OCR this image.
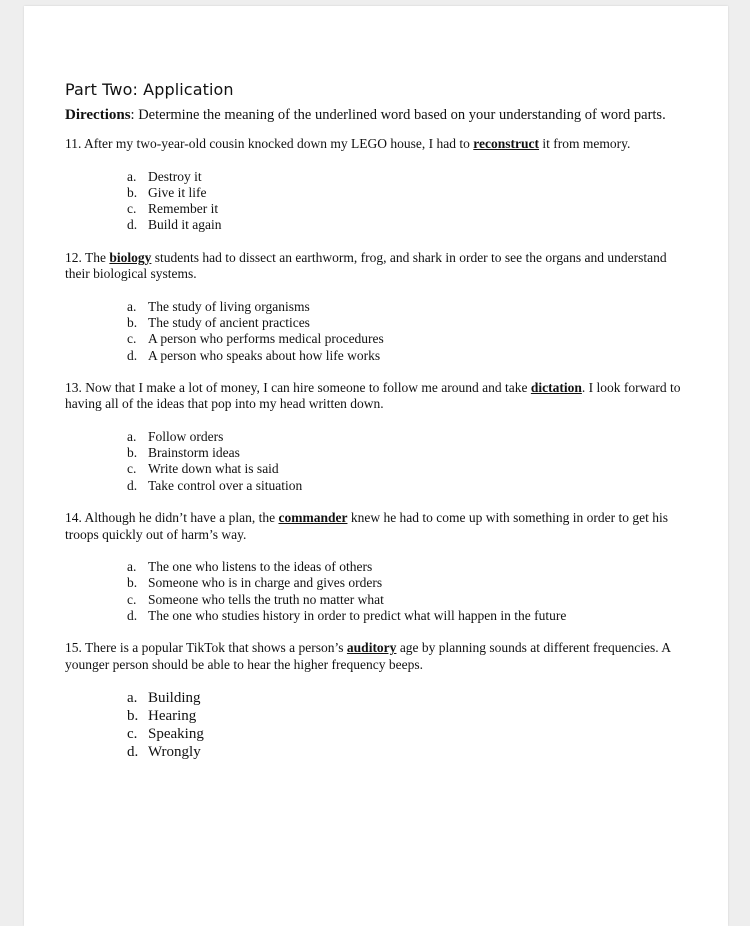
Part Two: Application

Directions: Determine the meaning of the underlined word based on your understanding of word parts.

11. After my two-year-old cousin knocked down my LEGO house, I had to reconstruct it from memory.

a. Destroy it
b. Give it life
c. Remember it
d. Build it again

12. The biology students had to dissect an earthworm, frog, and shark in order to see the organs and understand their biological systems.

a. The study of living organisms
b. The study of ancient practices
c. A person who performs medical procedures
d. A person who speaks about how life works

13. Now that I make a lot of money, I can hire someone to follow me around and take dictation. I look forward to having all of the ideas that pop into my head written down.

a. Follow orders
b. Brainstorm ideas
c. Write down what is said
d. Take control over a situation

14. Although he didn’t have a plan, the commander knew he had to come up with something in order to get his troops quickly out of harm’s way.

a. The one who listens to the ideas of others
b. Someone who is in charge and gives orders
c. Someone who tells the truth no matter what
d. The one who studies history in order to predict what will happen in the future

15. There is a popular TikTok that shows a person’s auditory age by planning sounds at different frequencies. A younger person should be able to hear the higher frequency beeps.

a. Building
b. Hearing
c. Speaking
d. Wrongly
